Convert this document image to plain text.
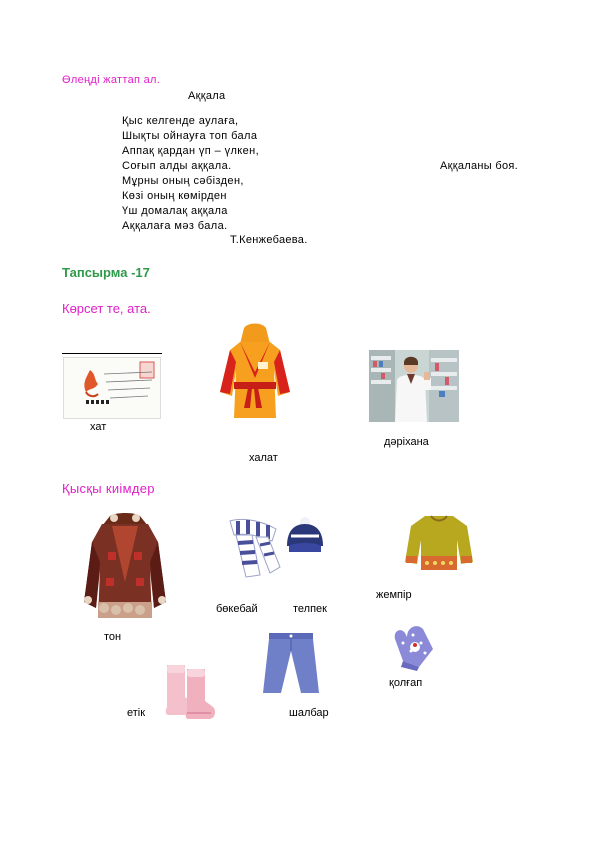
Өлеңді жаттап ал.
Аққала
Қыс келгенде аулаға,
Шықты ойнауға топ бала
Аппақ қардан үп – үлкен,
Соғып алды аққала.
Мұрны оның сәбізден,
Көзі оның көмірден
Үш домалақ аққала
Аққалаға мәз бала.
Аққаланы боя.
Т.Кенжебаева.
Тапсырма -17
Көрсет те, ата.
хат
халат
дәріхана
Қысқы киімдер
тон
бөкебай	телпек
жемпір
қолғап
шалбар
етік
